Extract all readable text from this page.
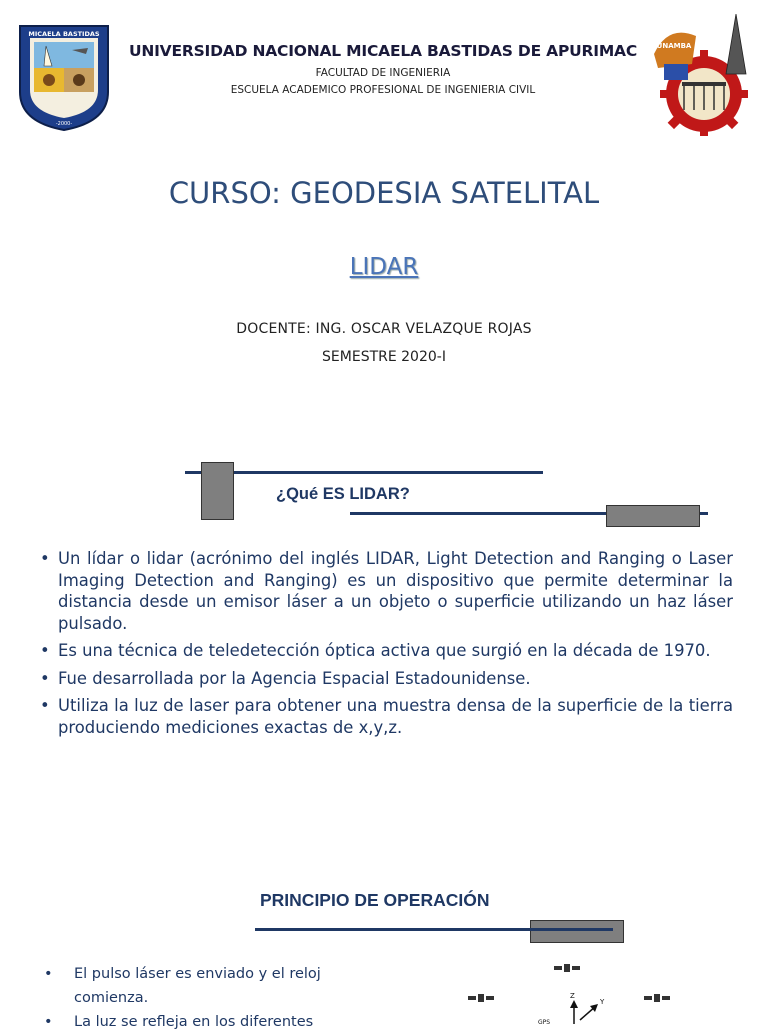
MICAELA BASTIDAS
-2000-
UNIVERSIDAD NACIONAL MICAELA BASTIDAS DE APURIMAC
FACULTAD DE INGENIERIA
ESCUELA ACADEMICO PROFESIONAL DE INGENIERIA CIVIL
UNAMBA
CURSO: GEODESIA SATELITAL
LIDAR
DOCENTE: ING. OSCAR VELAZQUE ROJAS
SEMESTRE 2020-I
¿Qué ES LIDAR?
• Un lídar o lidar (acrónimo del inglés LIDAR, Light Detection and Ranging o Laser Imaging Detection and Ranging) es un dispositivo que permite determinar la distancia desde un emisor láser a un objeto o superficie utilizando un haz láser pulsado.
• Es una técnica de teledetección óptica activa que surgió en la década de 1970.
• Fue desarrollada por la Agencia Espacial Estadounidense.
• Utiliza la luz de laser para obtener una muestra densa de la superficie de la tierra produciendo mediciones exactas de x,y,z.
PRINCIPIO DE OPERACIÓN
• El pulso láser es enviado y el reloj comienza.
• La luz se refleja en los diferentes
Z
Y
GPS
